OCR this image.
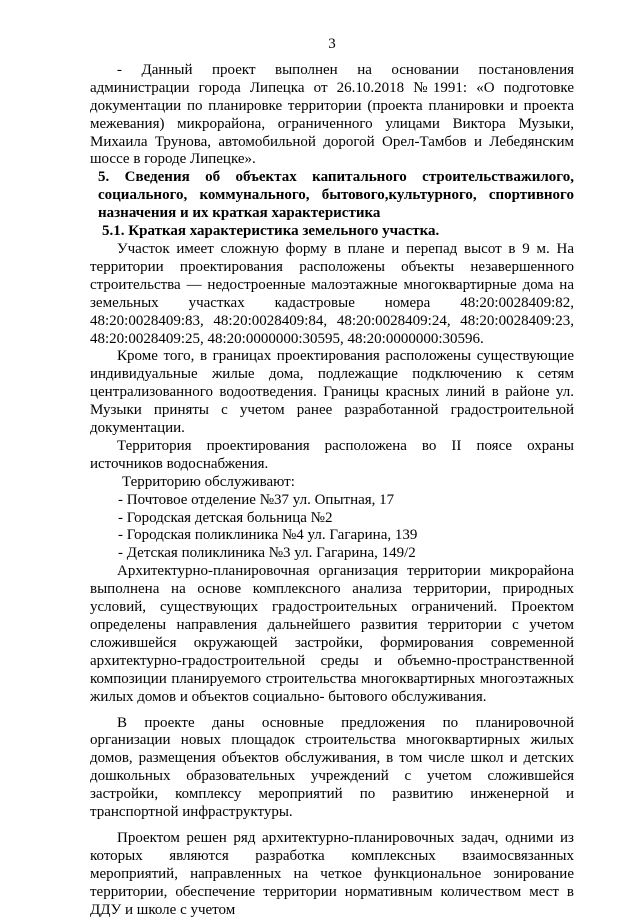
3

- Данный проект выполнен на основании постановления администрации города Липецка от 26.10.2018 №1991: «О подготовке документации по планировке территории (проекта планировки и проекта межевания) микрорайона, ограниченного улицами Виктора Музыки, Михаила Трунова, автомобильной дорогой Орел-Тамбов и Лебедянским шоссе в городе Липецке».

5. Сведения об объектах капитального строительстважилого, социального, коммунального, бытового,культурного, спортивного назначения и их краткая характеристика

5.1. Краткая характеристика земельного участка.

Участок имеет сложную форму в плане и перепад высот в 9 м. На территории проектирования расположены объекты незавершенного строительства — недостроенные малоэтажные многоквартирные дома на земельных участках кадастровые номера 48:20:0028409:82, 48:20:0028409:83, 48:20:0028409:84, 48:20:0028409:24, 48:20:0028409:23, 48:20:0028409:25, 48:20:0000000:30595, 48:20:0000000:30596.

Кроме того, в границах проектирования расположены существующие индивидуальные жилые дома, подлежащие подключению к сетям централизованного водоотведения. Границы красных линий в районе ул. Музыки приняты с учетом ранее разработанной градостроительной документации.

Территория проектирования расположена во II поясе охраны источников водоснабжения.

Территорию обслуживают:
- Почтовое отделение №37 ул. Опытная, 17
- Городская детская больница №2
- Городская поликлиника №4 ул. Гагарина, 139
- Детская поликлиника №3 ул. Гагарина, 149/2

Архитектурно-планировочная организация территории микрорайона выполнена на основе комплексного анализа территории, природных условий, существующих градостроительных ограничений. Проектом определены направления дальнейшего развития территории с учетом сложившейся окружающей застройки, формирования современной архитектурно-градостроительной среды и объемно-пространственной композиции планируемого строительства многоквартирных многоэтажных жилых домов и объектов социально- бытового обслуживания.

В проекте даны основные предложения по планировочной организации новых площадок строительства многоквартирных жилых домов, размещения объектов обслуживания, в том числе школ и детских дошкольных образовательных учреждений с учетом сложившейся застройки, комплексу мероприятий по развитию инженерной и транспортной инфраструктуры.

Проектом решен ряд архитектурно-планировочных задач, одними из которых являются разработка комплексных взаимосвязанных мероприятий, направленных на четкое функциональное зонирование территории, обеспечение территории нормативным количеством мест в ДДУ и школе с учетом
